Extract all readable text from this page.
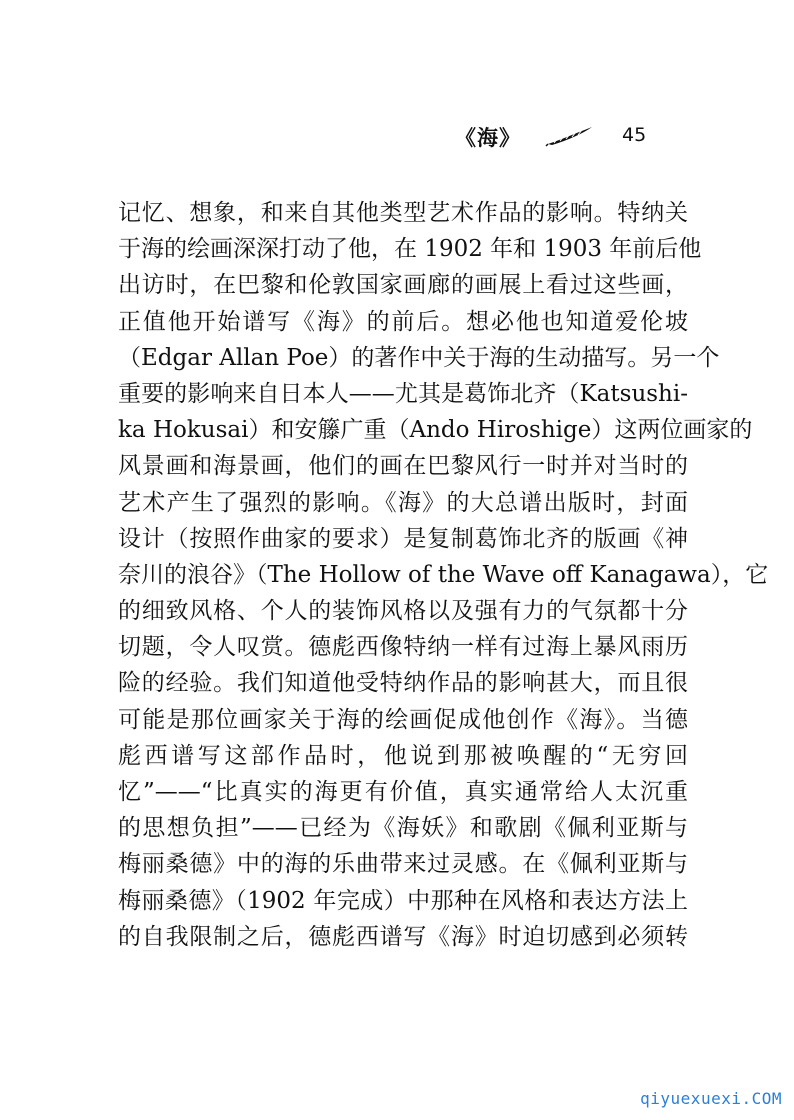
《海》	45
记忆、想象，和来自其他类型艺术作品的影响。特纳关
于海的绘画深深打动了他，在 1902 年和 1903 年前后他
出访时，在巴黎和伦敦国家画廊的画展上看过这些画，
正值他开始谱写《海》的前后。想必他也知道爱伦坡
（Edgar Allan Poe）的著作中关于海的生动描写。另一个
重要的影响来自日本人——尤其是葛饰北齐（Katsushi-
ka Hokusai）和安籐广重（Ando Hiroshige）这两位画家的
风景画和海景画，他们的画在巴黎风行一时并对当时的
艺术产生了强烈的影响。《海》的大总谱出版时，封面
设计（按照作曲家的要求）是复制葛饰北齐的版画《神
奈川的浪谷》（The Hollow of the Wave off Kanagawa），它
的细致风格、个人的装饰风格以及强有力的气氛都十分
切题，令人叹赏。德彪西像特纳一样有过海上暴风雨历
险的经验。我们知道他受特纳作品的影响甚大，而且很
可能是那位画家关于海的绘画促成他创作《海》。当德
彪西谱写这部作品时，他说到那被唤醒的“无穷回
忆”——“比真实的海更有价值，真实通常给人太沉重
的思想负担”——已经为《海妖》和歌剧《佩利亚斯与
梅丽桑德》中的海的乐曲带来过灵感。在《佩利亚斯与
梅丽桑德》（1902 年完成）中那种在风格和表达方法上
的自我限制之后，德彪西谱写《海》时迫切感到必须转
qiyuexuexi.COM
